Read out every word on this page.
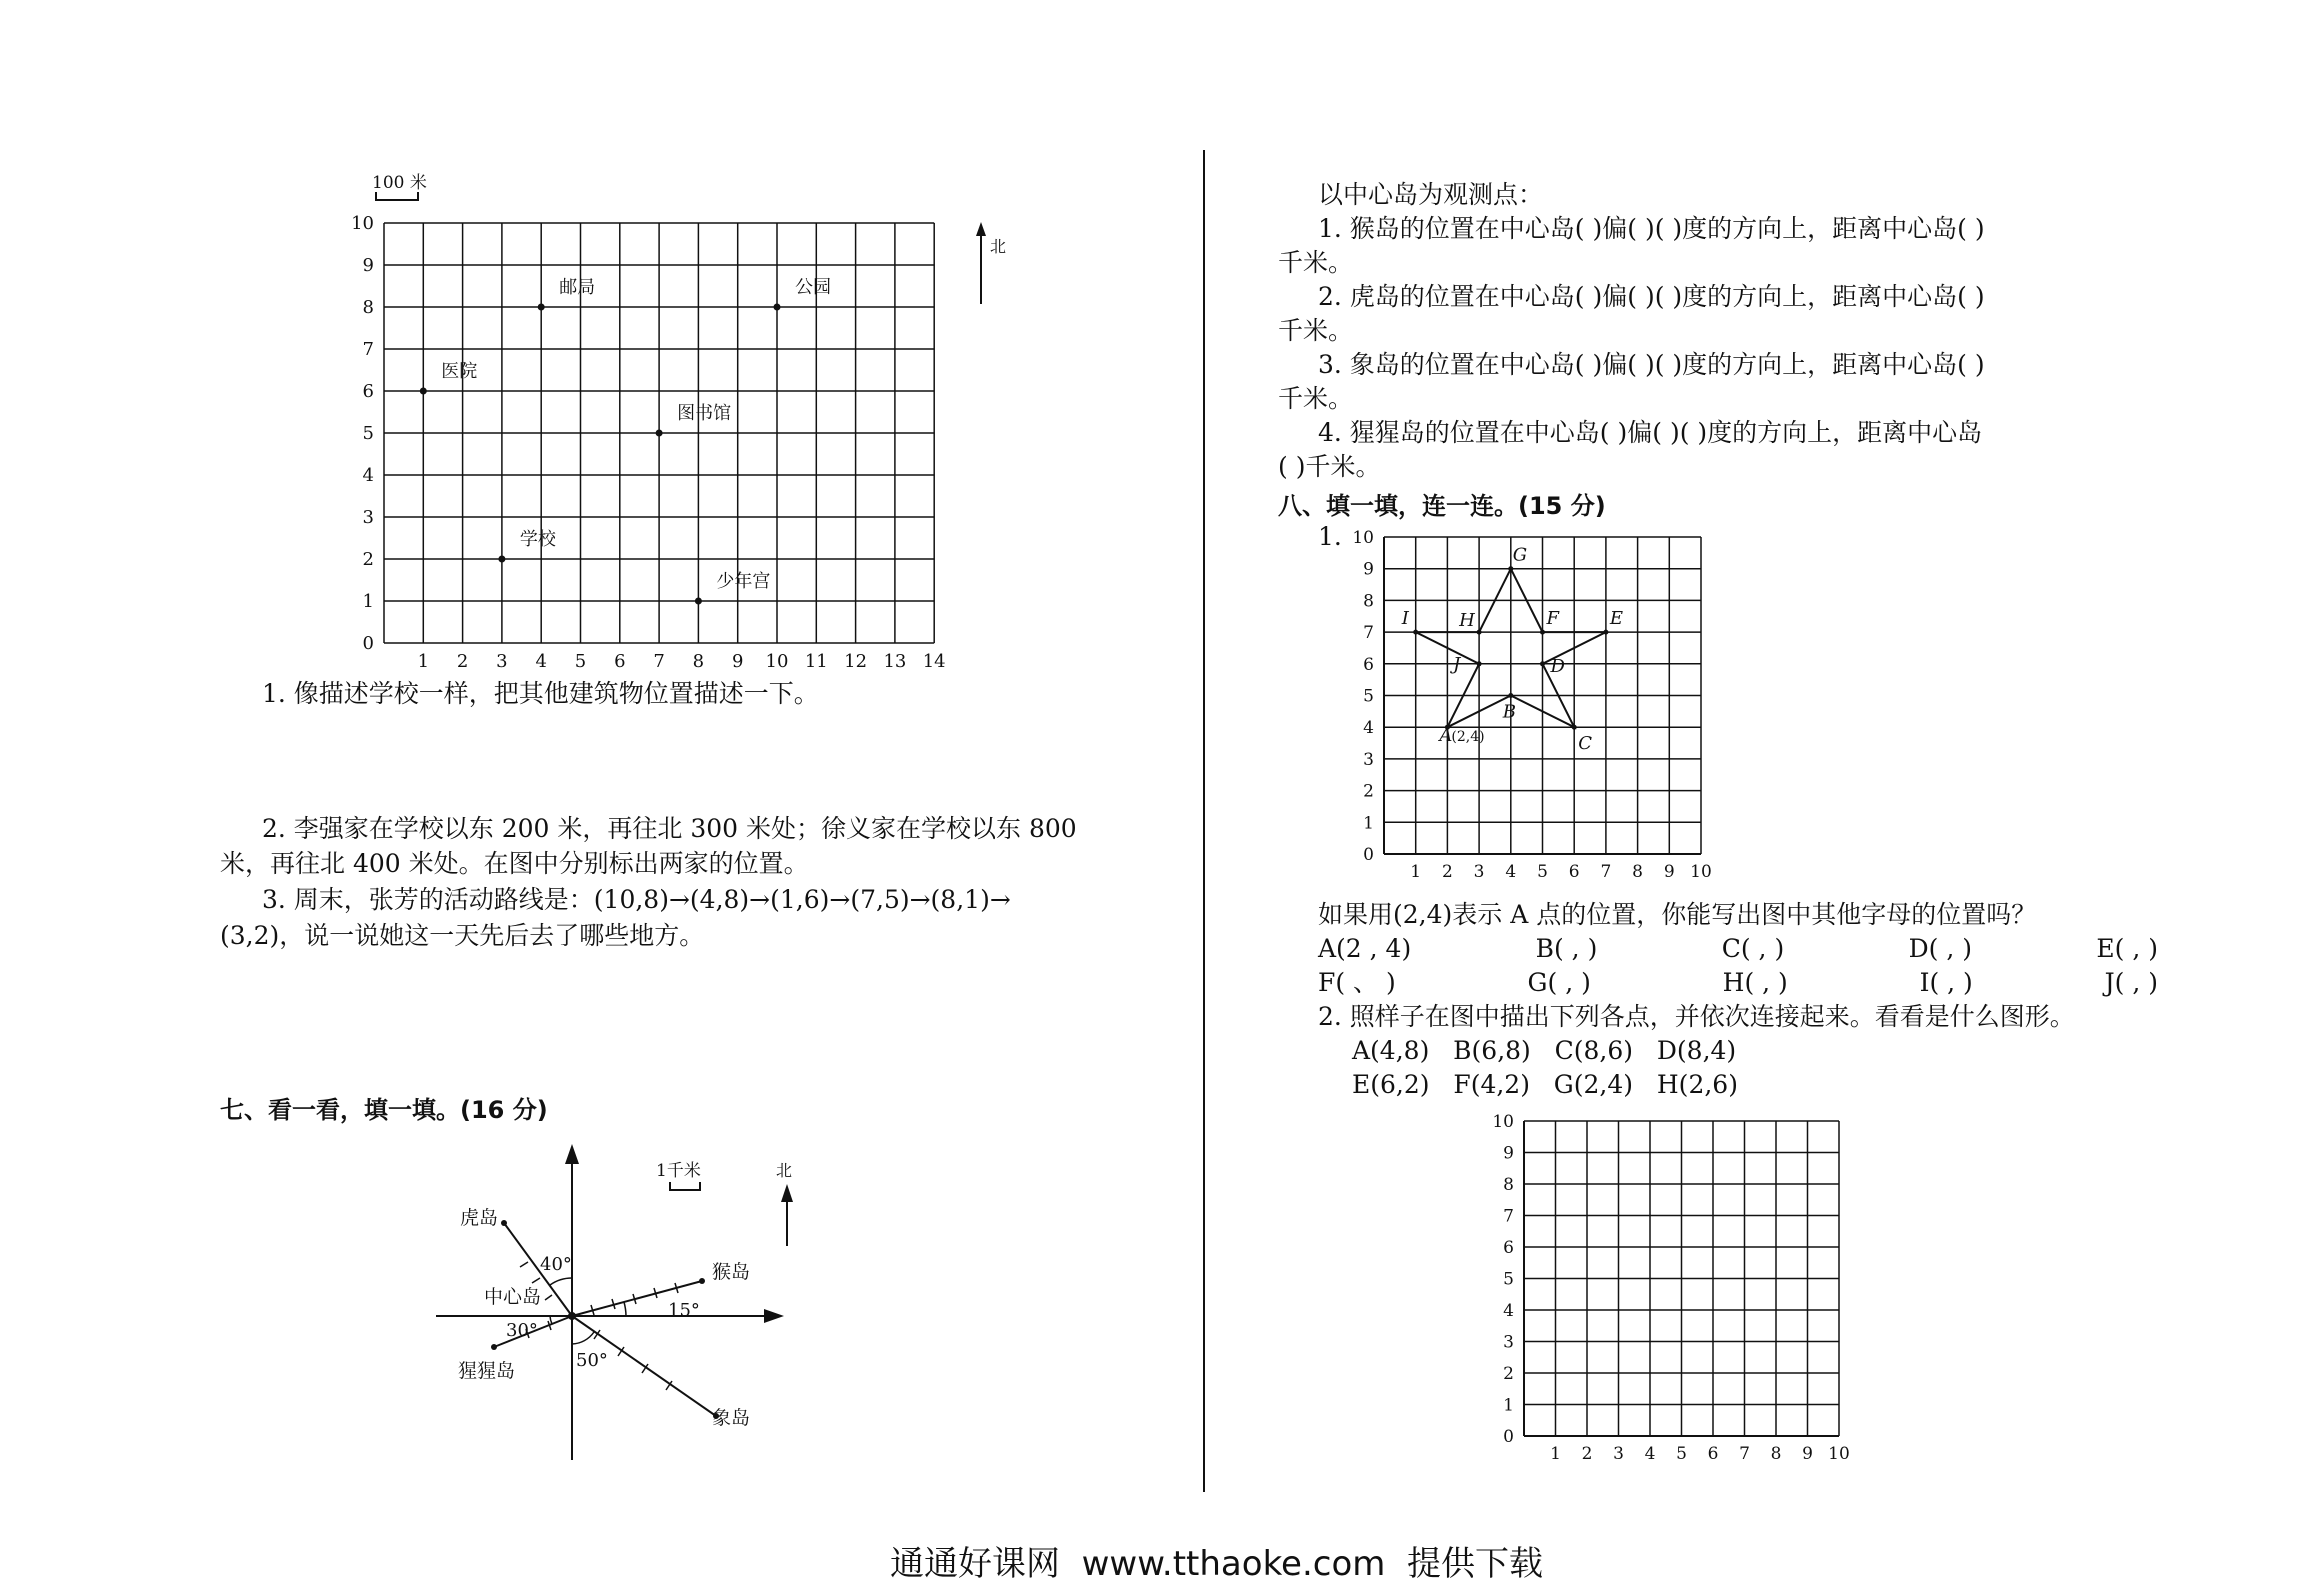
100 米
0
1
2
3
4
5
6
7
8
9
10
1 2 3 4 5 6 7 8 9 10 11 12 13 14
邮局	公园
医院
图书馆
学校
少年宫
北
1. 像描述学校一样，把其他建筑物位置描述一下。
2. 李强家在学校以东 200 米，再往北 300 米处；徐义家在学校以东 800
米，再往北 400 米处。在图中分别标出两家的位置。
3. 周末，张芳的活动路线是：(10,8)→(4,8)→(1,6)→(7,5)→(8,1)→
(3,2)，说一说她这一天先后去了哪些地方。
七、看一看，填一填。(16 分)
虎岛
猴岛
中心岛
猩猩岛
象岛
40°
15°
30°
50°
1千米	北
以中心岛为观测点：
1. 猴岛的位置在中心岛( )偏( )( )度的方向上，距离中心岛( )
千米。
2. 虎岛的位置在中心岛( )偏( )( )度的方向上，距离中心岛( )
千米。
3. 象岛的位置在中心岛( )偏( )( )度的方向上，距离中心岛( )
千米。
4. 猩猩岛的位置在中心岛( )偏( )( )度的方向上，距离中心岛
( )千米。
八、填一填，连一连。(15 分)
1.
0
1
2
3
4
5
6
7
8
9
10
1 2 3 4 5 6 7 8 9 10
A
J
I	H
G
F	E
D
C
B
(2,4)
如果用(2,4)表示 A 点的位置，你能写出图中其他字母的位置吗？
A(2 , 4)	B( , )	C( , )	D( , )	E( , )
F( 、 )	G( , )	H( , )	I( , )	J( , )
2. 照样子在图中描出下列各点，并依次连接起来。看看是什么图形。
A(4,8)   B(6,8)   C(8,6)   D(8,4)
E(6,2)   F(4,2)   G(2,4)   H(2,6)
0
1
2
3
4
5
6
7
8
9
10
1 2 3 4 5 6 7 8 9 10
通通好课网  www.tthaoke.com  提供下载
